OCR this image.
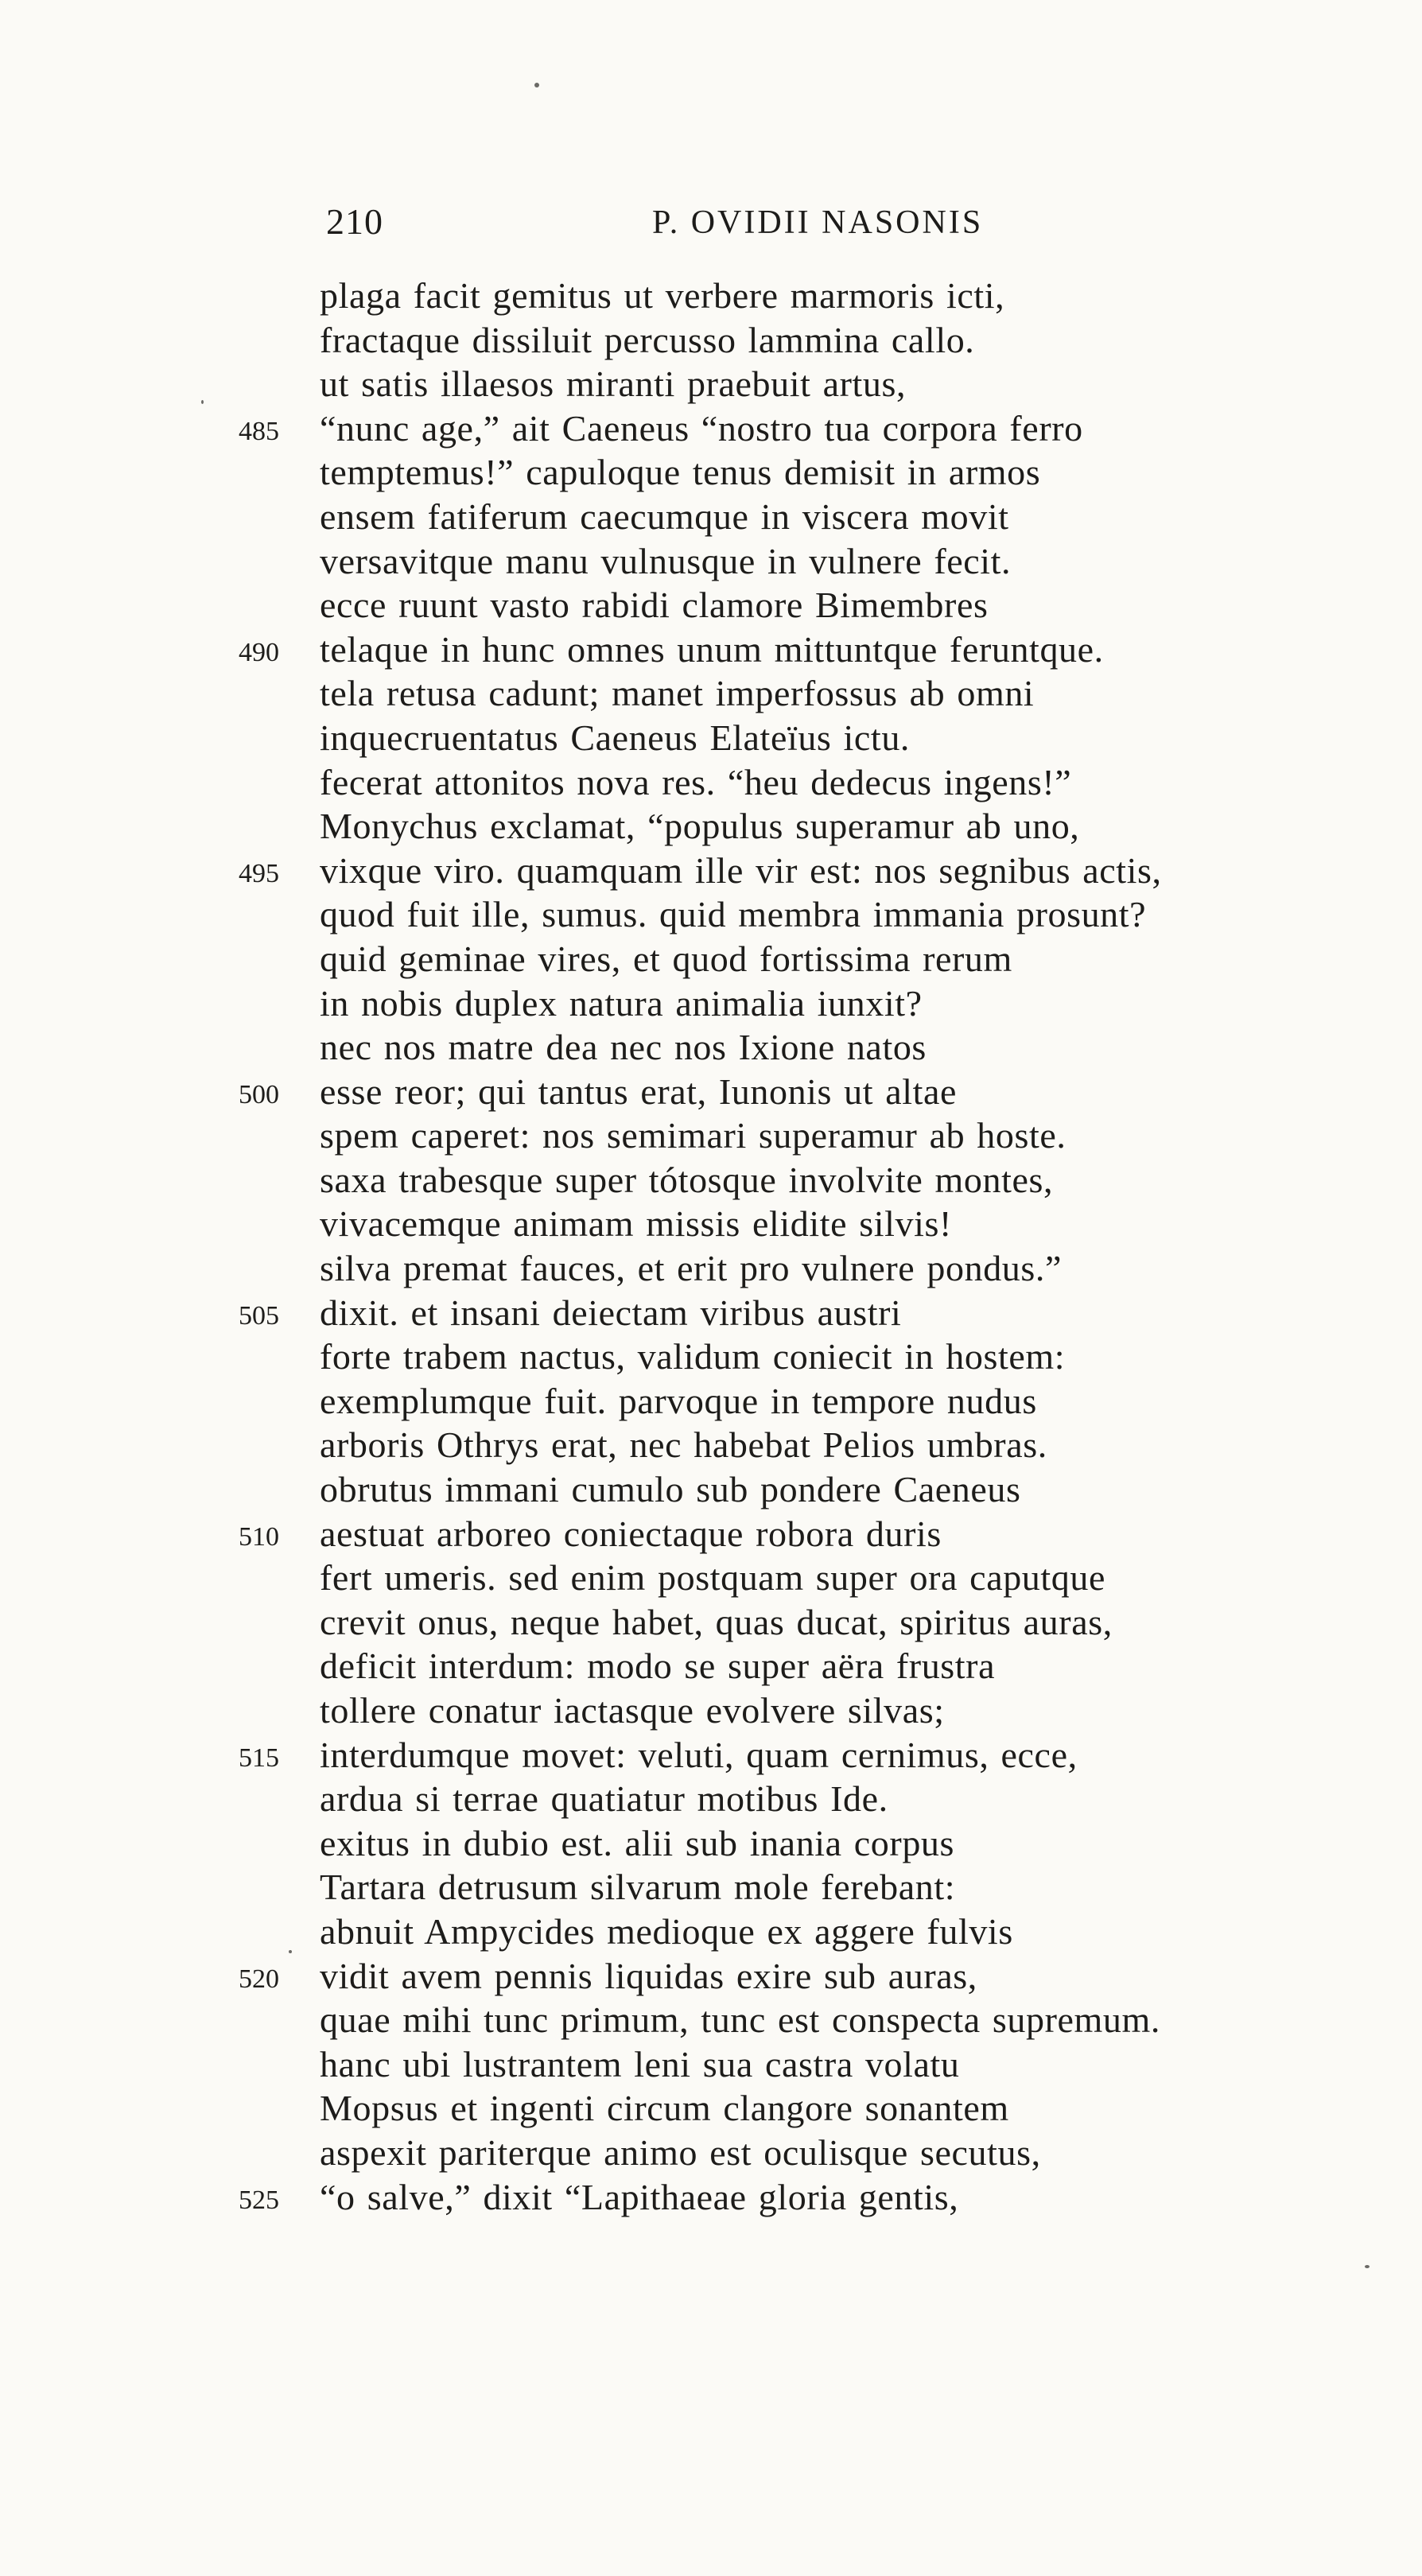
210	P. OVIDII NASONIS
plaga facit gemitus ut verbere marmoris icti,
fractaque dissiluit percusso lammina callo.
ut satis illaesos miranti praebuit artus,
485	“nunc age,” ait Caeneus “nostro tua corpora ferro
temptemus!” capuloque tenus demisit in armos
ensem fatiferum caecumque in viscera movit
versavitque manu vulnusque in vulnere fecit.
ecce ruunt vasto rabidi clamore Bimembres
490	telaque in hunc omnes unum mittuntque feruntque.
tela retusa cadunt; manet imperfossus ab omni
inquecruentatus Caeneus Elateïus ictu.
fecerat attonitos nova res. “heu dedecus ingens!”
Monychus exclamat, “populus superamur ab uno,
495	vixque viro. quamquam ille vir est: nos segnibus actis,
quod fuit ille, sumus. quid membra immania prosunt?
quid geminae vires, et quod fortissima rerum
in nobis duplex natura animalia iunxit?
nec nos matre dea nec nos Ixione natos
500	esse reor; qui tantus erat, Iunonis ut altae
spem caperet: nos semimari superamur ab hoste.
saxa trabesque super tótosque involvite montes,
vivacemque animam missis elidite silvis!
silva premat fauces, et erit pro vulnere pondus.”
505	dixit. et insani deiectam viribus austri
forte trabem nactus, validum coniecit in hostem:
exemplumque fuit. parvoque in tempore nudus
arboris Othrys erat, nec habebat Pelios umbras.
obrutus immani cumulo sub pondere Caeneus
510	aestuat arboreo coniectaque robora duris
fert umeris. sed enim postquam super ora caputque
crevit onus, neque habet, quas ducat, spiritus auras,
deficit interdum: modo se super aëra frustra
tollere conatur iactasque evolvere silvas;
515	interdumque movet: veluti, quam cernimus, ecce,
ardua si terrae quatiatur motibus Ide.
exitus in dubio est. alii sub inania corpus
Tartara detrusum silvarum mole ferebant:
abnuit Ampycides medioque ex aggere fulvis
520	vidit avem pennis liquidas exire sub auras,
quae mihi tunc primum, tunc est conspecta supremum.
hanc ubi lustrantem leni sua castra volatu
Mopsus et ingenti circum clangore sonantem
aspexit pariterque animo est oculisque secutus,
525	“o salve,” dixit “Lapithaeae gloria gentis,
